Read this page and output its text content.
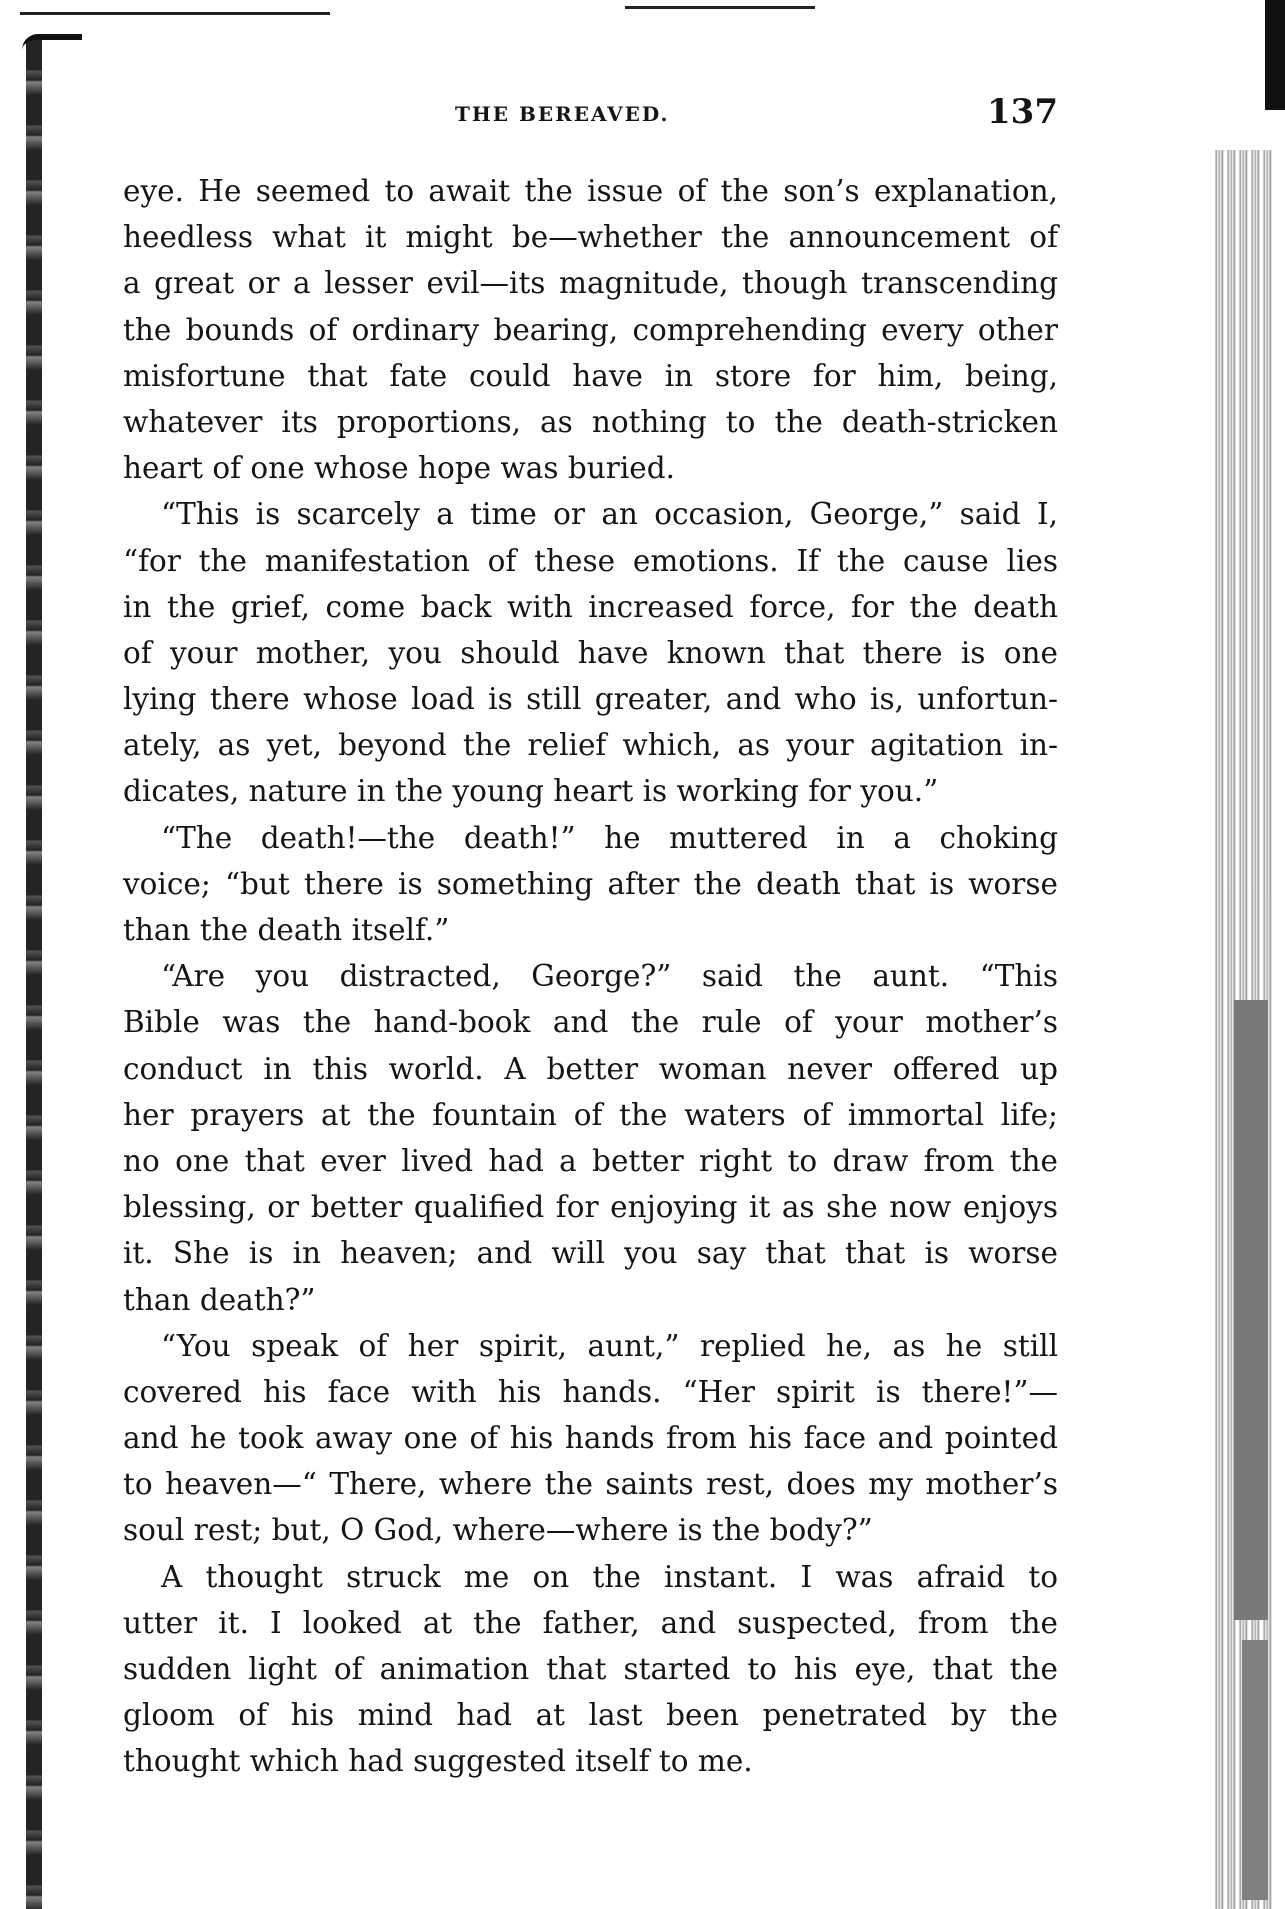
THE BEREAVED.	137
eye. He seemed to await the issue of the son’s explanation,
heedless what it might be—whether the announcement of
a great or a lesser evil—its magnitude, though transcending
the bounds of ordinary bearing, comprehending every other
misfortune that fate could have in store for him, being,
whatever its proportions, as nothing to the death-stricken
heart of one whose hope was buried.
“This is scarcely a time or an occasion, George,” said I,
“for the manifestation of these emotions. If the cause lies
in the grief, come back with increased force, for the death
of your mother, you should have known that there is one
lying there whose load is still greater, and who is, unfortun-
ately, as yet, beyond the relief which, as your agitation in-
dicates, nature in the young heart is working for you.”
“The death!—the death!” he muttered in a choking
voice; “but there is something after the death that is worse
than the death itself.”
“Are you distracted, George?” said the aunt. “This
Bible was the hand-book and the rule of your mother’s
conduct in this world. A better woman never offered up
her prayers at the fountain of the waters of immortal life;
no one that ever lived had a better right to draw from the
blessing, or better qualified for enjoying it as she now enjoys
it. She is in heaven; and will you say that that is worse
than death?”
“You speak of her spirit, aunt,” replied he, as he still
covered his face with his hands. “Her spirit is there!”—
and he took away one of his hands from his face and pointed
to heaven—“ There, where the saints rest, does my mother’s
soul rest; but, O God, where—where is the body?”
A thought struck me on the instant. I was afraid to
utter it. I looked at the father, and suspected, from the
sudden light of animation that started to his eye, that the
gloom of his mind had at last been penetrated by the
thought which had suggested itself to me.
